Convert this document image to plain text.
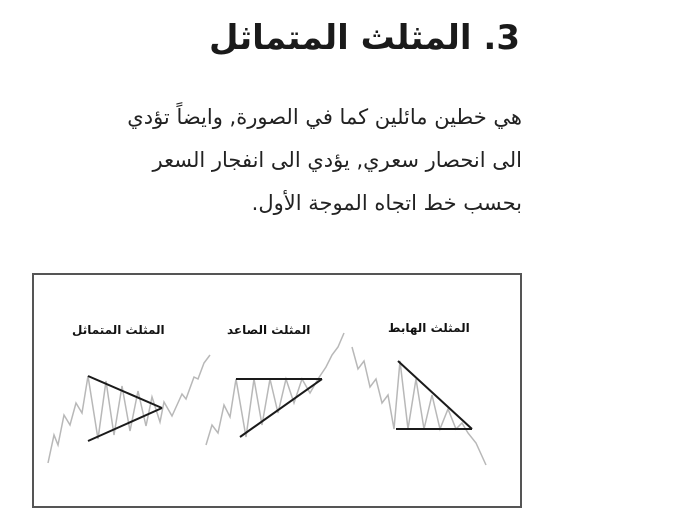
3. المثلث المتماثل
هي خطين مائلين كما في الصورة, وايضاً تؤدي
الى انحصار سعري, يؤدي الى انفجار السعر
بحسب خط اتجاه الموجة الأول.
المثلث المتماثل	المثلث الصاعد	المثلث الهابط
